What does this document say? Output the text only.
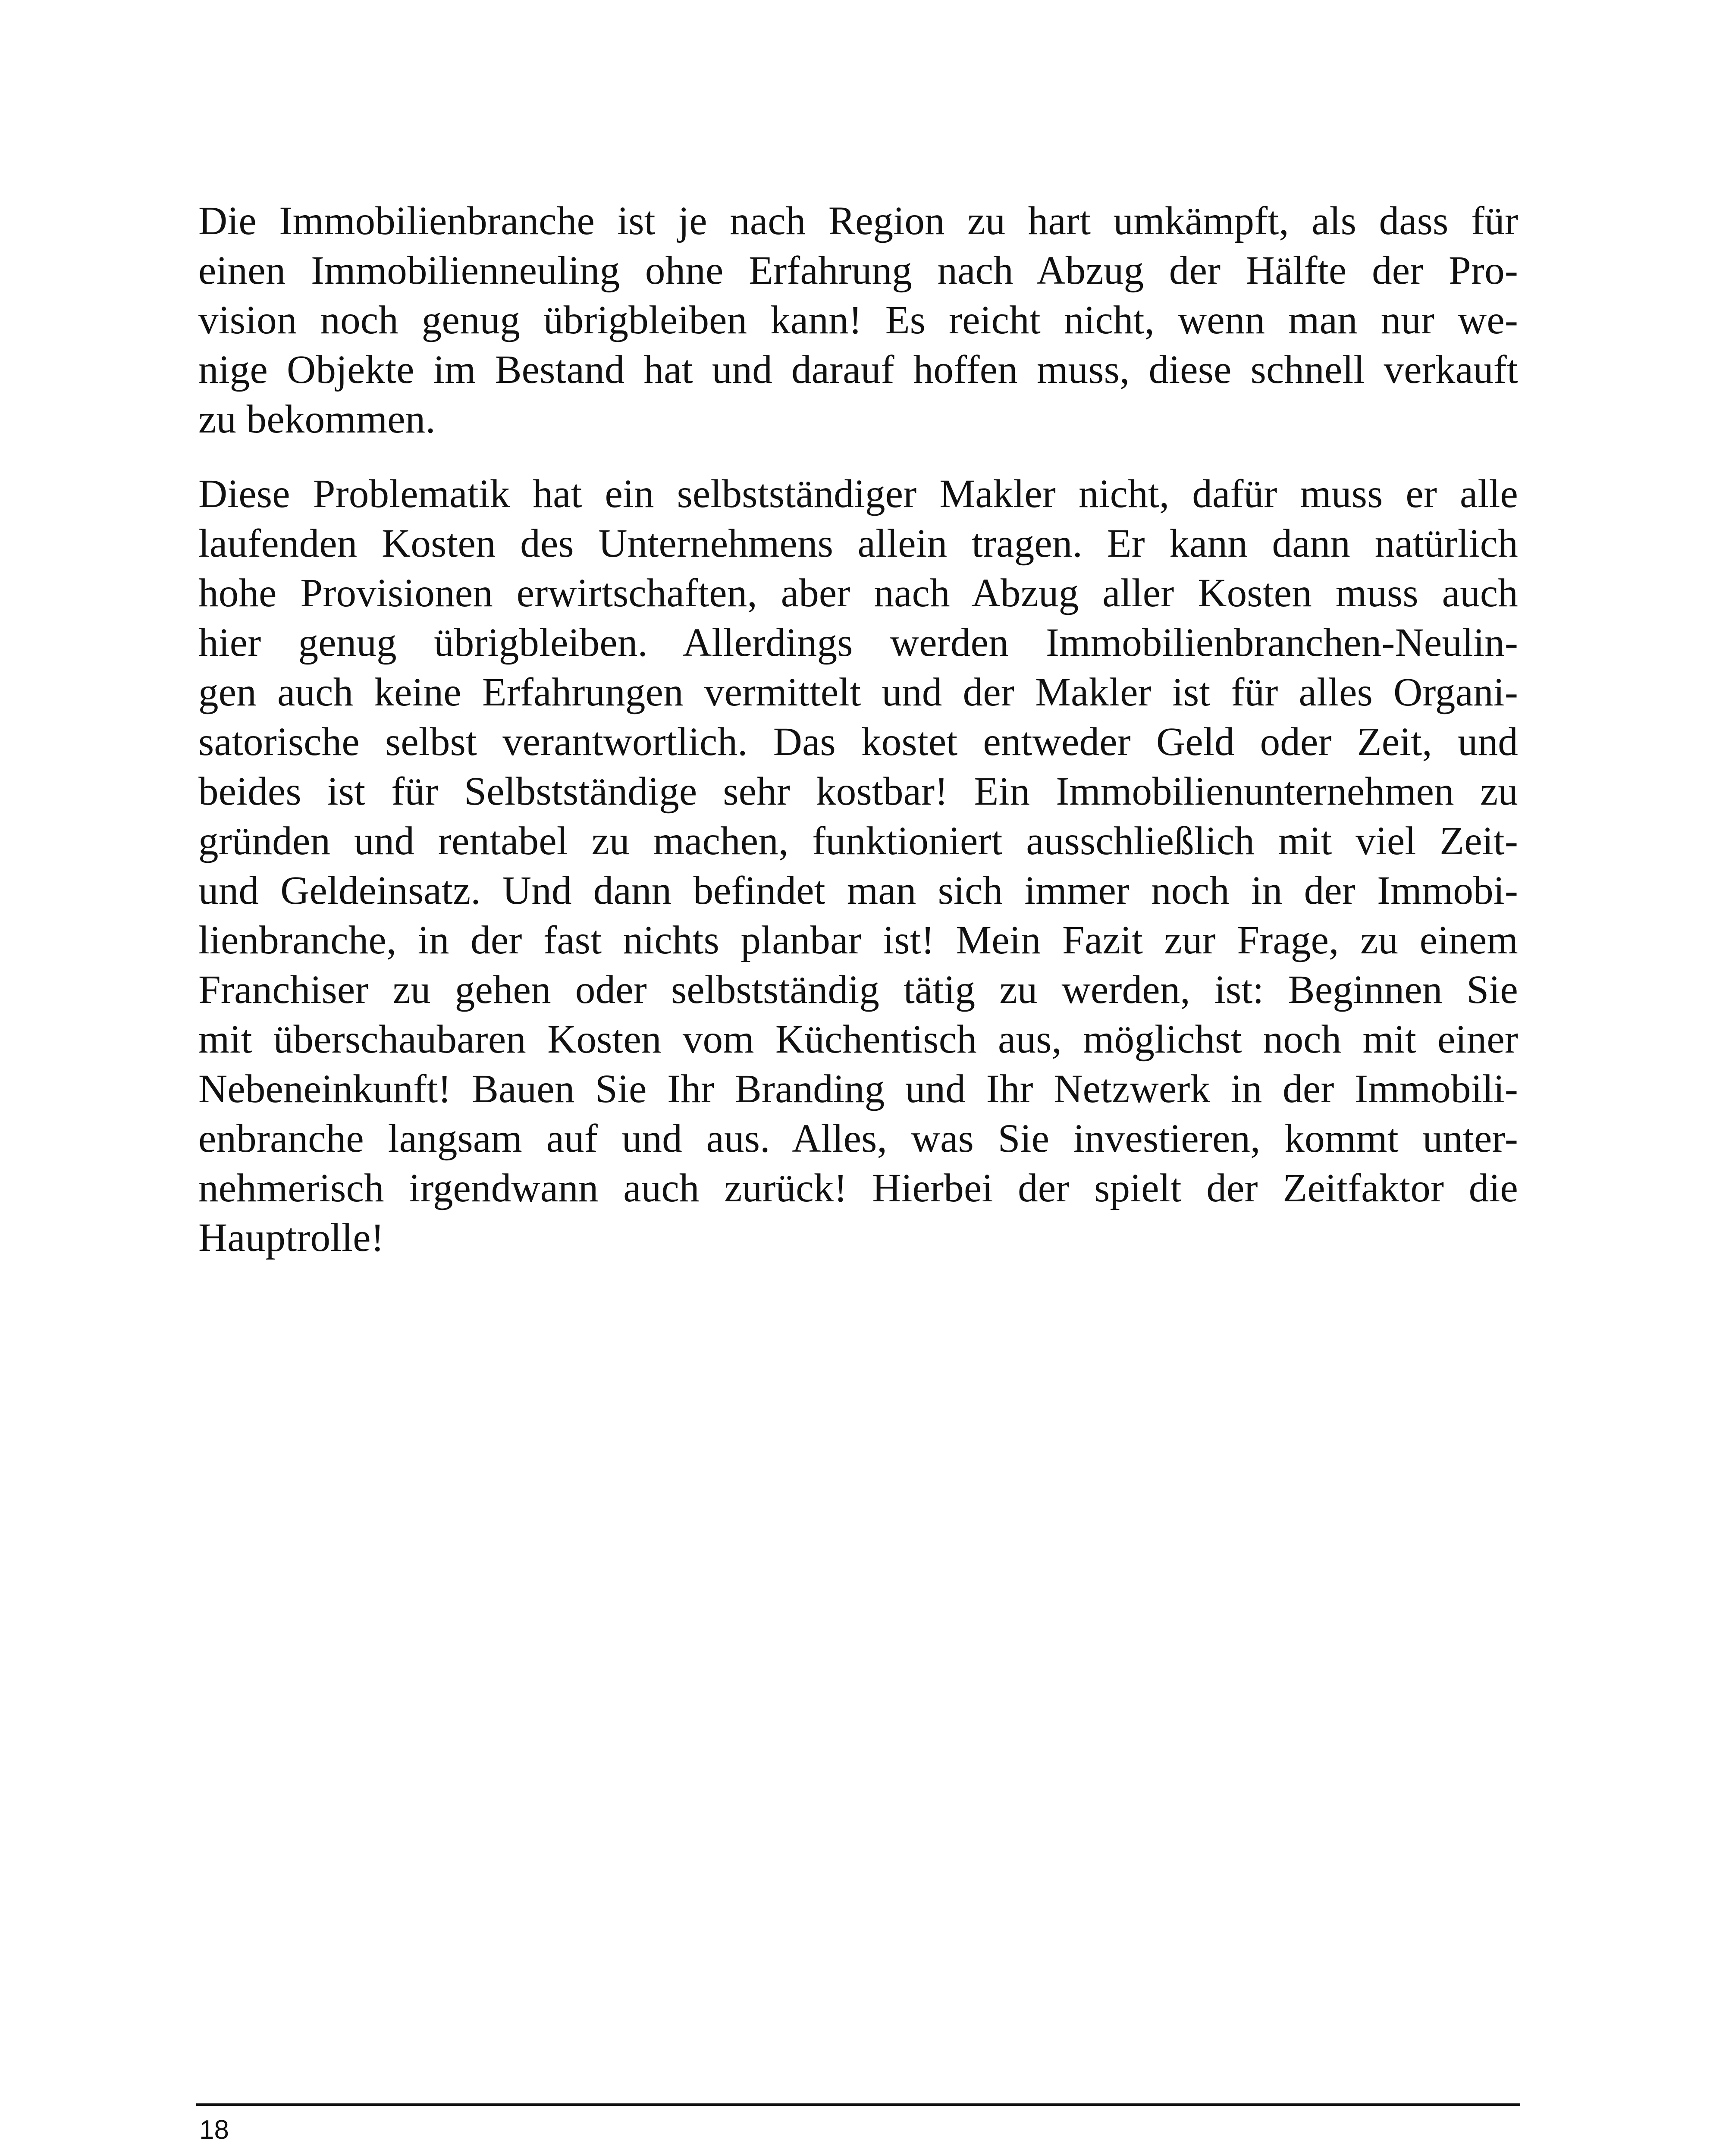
Die Immobilienbranche ist je nach Region zu hart umkämpft, als dass für
einen Immobilienneuling ohne Erfahrung nach Abzug der Hälfte der Pro-
vision noch genug übrigbleiben kann! Es reicht nicht, wenn man nur we-
nige Objekte im Bestand hat und darauf hoffen muss, diese schnell verkauft
zu bekommen.

Diese Problematik hat ein selbstständiger Makler nicht, dafür muss er alle
laufenden Kosten des Unternehmens allein tragen. Er kann dann natürlich
hohe Provisionen erwirtschaften, aber nach Abzug aller Kosten muss auch
hier genug übrigbleiben. Allerdings werden Immobilienbranchen-Neulin-
gen auch keine Erfahrungen vermittelt und der Makler ist für alles Organi-
satorische selbst verantwortlich. Das kostet entweder Geld oder Zeit, und
beides ist für Selbstständige sehr kostbar! Ein Immobilienunternehmen zu
gründen und rentabel zu machen, funktioniert ausschließlich mit viel Zeit-
und Geldeinsatz. Und dann befindet man sich immer noch in der Immobi-
lienbranche, in der fast nichts planbar ist! Mein Fazit zur Frage, zu einem
Franchiser zu gehen oder selbstständig tätig zu werden, ist: Beginnen Sie
mit überschaubaren Kosten vom Küchentisch aus, möglichst noch mit einer
Nebeneinkunft! Bauen Sie Ihr Branding und Ihr Netzwerk in der Immobili-
enbranche langsam auf und aus. Alles, was Sie investieren, kommt unter-
nehmerisch irgendwann auch zurück! Hierbei der spielt der Zeitfaktor die
Hauptrolle!

18
